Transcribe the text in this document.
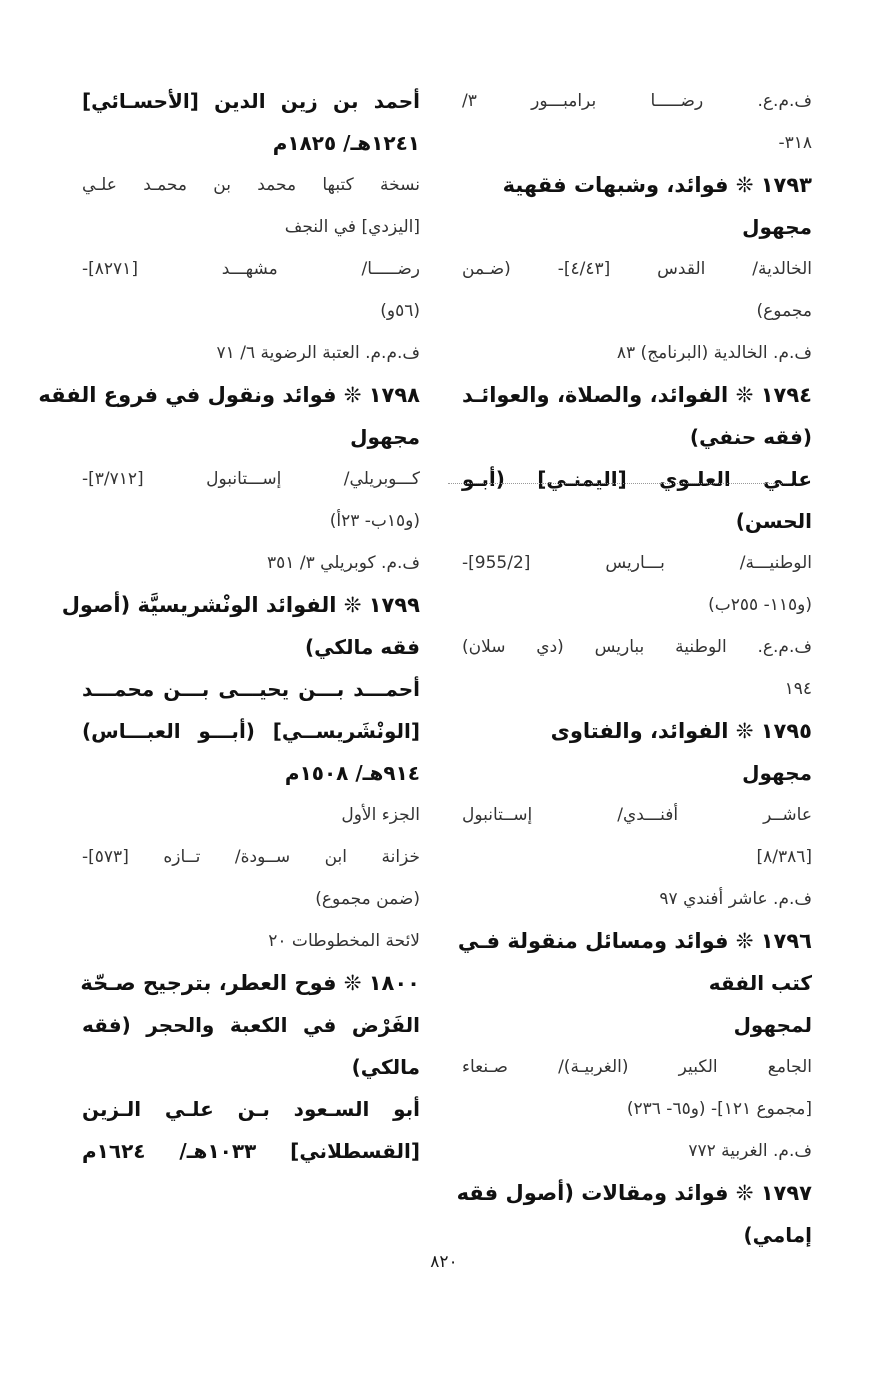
ف.م.ع. رضـــــا برامبـــور ٣/
٣١٨-
١٧٩٣ ❊ فوائد، وشبهات فقهية
مجهول
الخالدية/ القدس [٤/٤٣]- (ضـمن
مجموع)
ف.م. الخالدية (البرنامج) ٨٣
١٧٩٤ ❊ الفوائد، والصلاة، والعوائـد
(فقه حنفي)
علـي العلـوي [اليمنـي] (أبـو
الحسن)
الوطنيـــة/ بـــاريس [955/2]-
(و١١٥- ٢٥٥ب)
ف.م.ع. الوطنية بباريس (دي سلان)
١٩٤
١٧٩٥ ❊ الفوائد، والفتاوى
مجهول
عاشــر أفنـــدي/ إســتانبول
[٨/٣٨٦]
ف.م. عاشر أفندي ٩٧
١٧٩٦ ❊ فوائد ومسائل منقولة فـي
كتب الفقه
لمجهول
الجامع الكبير (الغربيـة)/ صـنعاء
[مجموع ١٢١]- (و٦٥- ٢٣٦)
ف.م. الغربية ٧٧٢
١٧٩٧ ❊ فوائد ومقالات (أصول فقه
إمامي)
أحمد بن زين الدين [الأحسـائي]
١٢٤١هـ/ ١٨٢٥م
نسخة كتبها محمد بن محمـد علـي
[اليزدي] في النجف
رضـــــا/ مشهـــد [٨٢٧١]-
(٥٦و)
ف.م.م. العتبة الرضوية ٦/ ٧١
١٧٩٨ ❊ فوائد ونقول في فروع الفقه
مجهول
كـــوبريلي/ إســـتانبول [٣/٧١٢]-
(و١٥ب- ٢٣أ)
ف.م. كوبريلي ٣/ ٣٥١
١٧٩٩ ❊ الفوائد الونْشريسيَّة (أصول
فقه مالكي)
أحمـــد بـــن يحيـــى بـــن محمـــد
[الونْشَريســي] (أبـــو العبـــاس)
٩١٤هـ/ ١٥٠٨م
الجزء الأول
خزانة ابن ســودة/ تــازه [٥٧٣]-
(ضمن مجموع)
لائحة المخطوطات ٢٠
١٨٠٠ ❊ فوح العطر، بترجيح صـحّة
الفَرْض في الكعبة والحجر (فقه
مالكي)
أبو السـعود بـن علـي الـزين
[القسطلاني] ١٠٣٣هـ/ ١٦٢٤م
٨٢٠
